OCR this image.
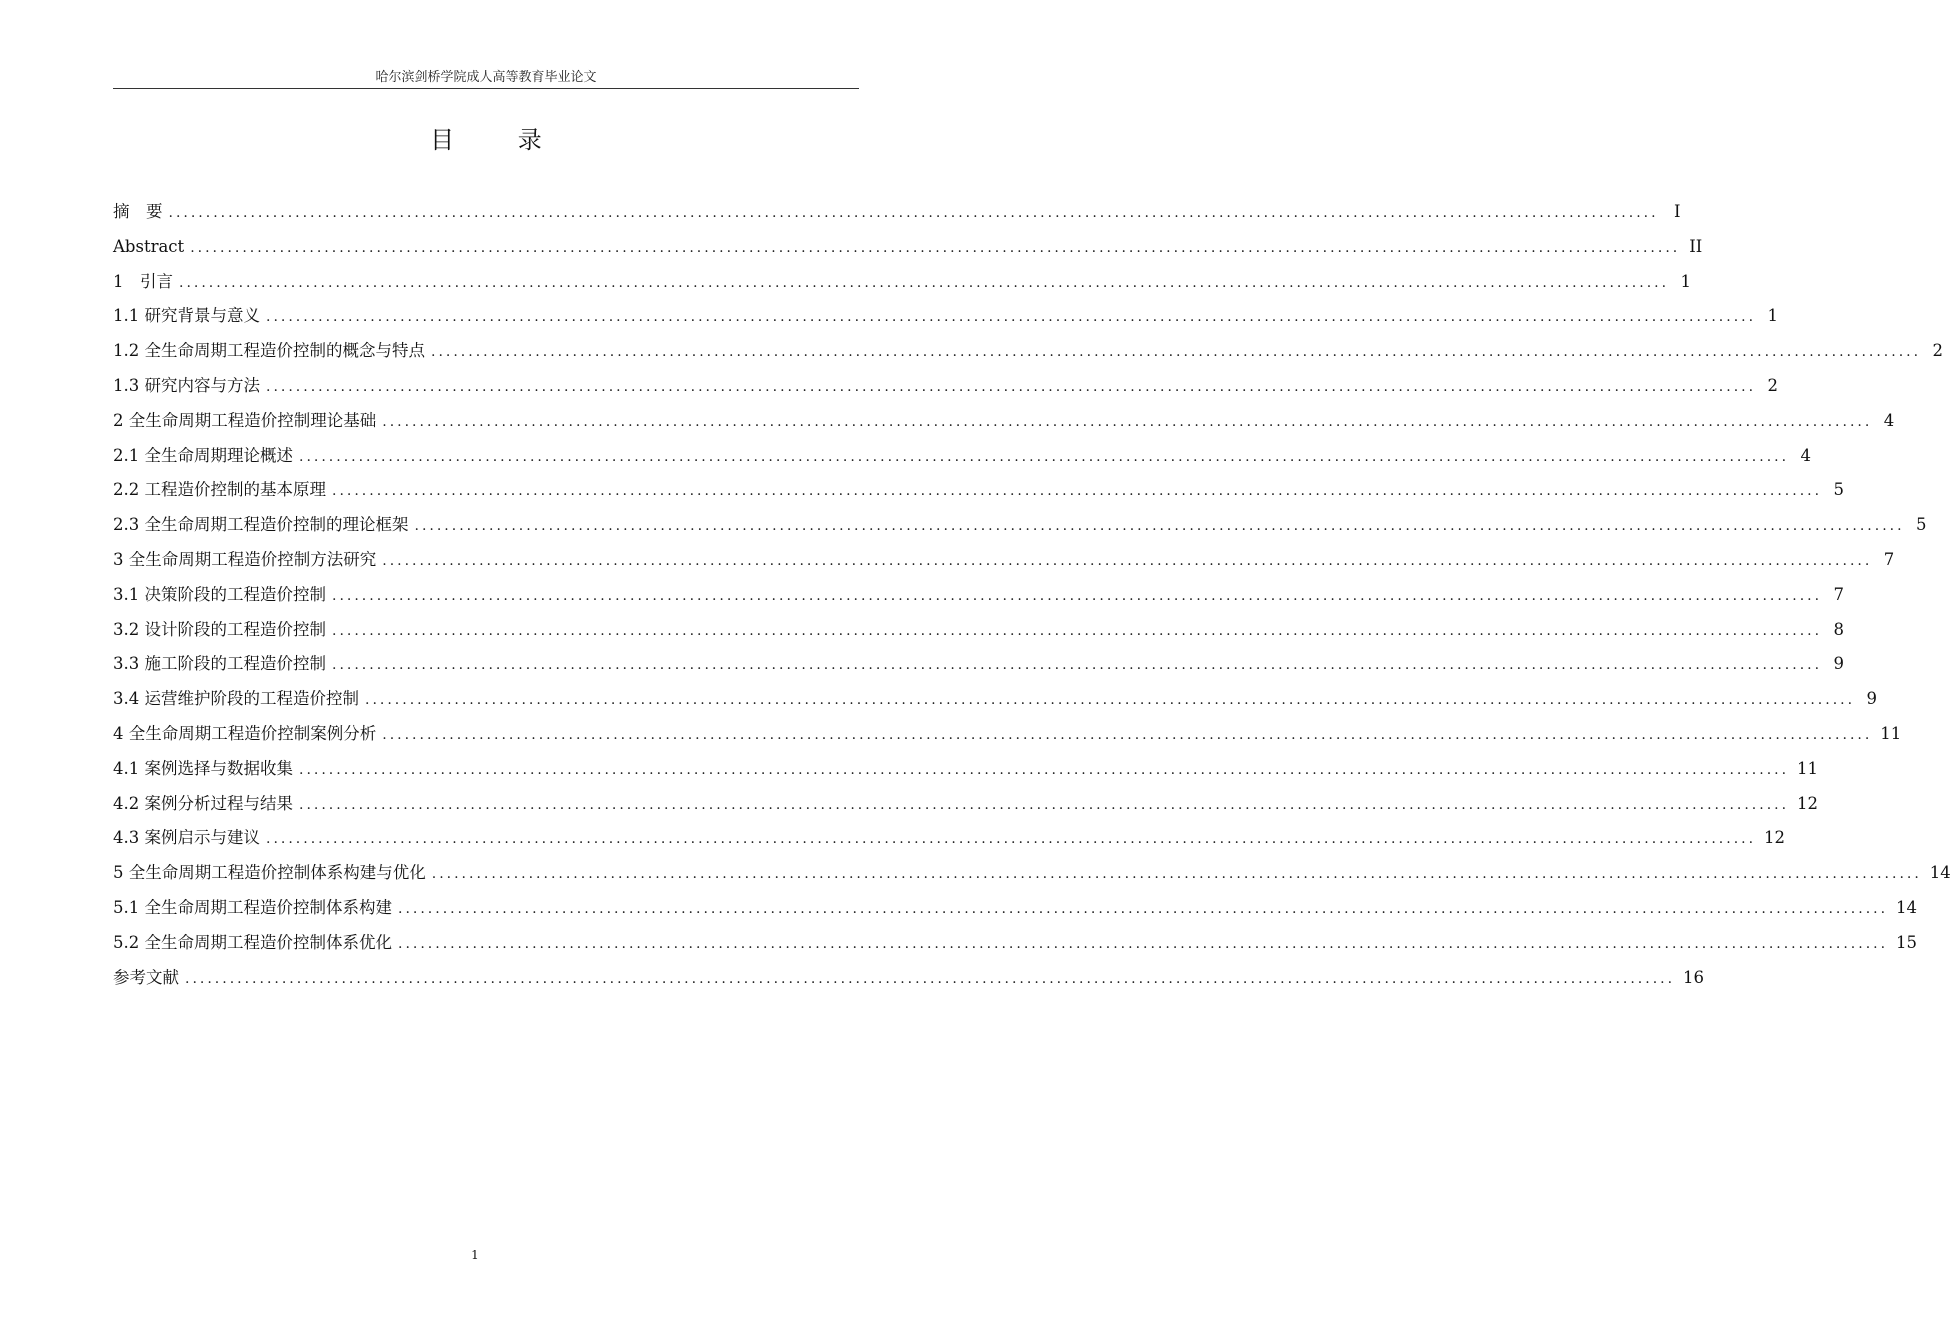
哈尔滨剑桥学院成人高等教育毕业论文
目 录
摘　要 ........................................................................................................................................................................................................ I
Abstract ........................................................................................................................................................................................................ II
1　引言 ........................................................................................................................................................................................................ 1
1.1 研究背景与意义 ........................................................................................................................................................................................................ 1
1.2 全生命周期工程造价控制的概念与特点 ........................................................................................................................................................................................................ 2
1.3 研究内容与方法 ........................................................................................................................................................................................................ 2
2 全生命周期工程造价控制理论基础 ........................................................................................................................................................................................................ 4
2.1 全生命周期理论概述 ........................................................................................................................................................................................................ 4
2.2 工程造价控制的基本原理 ........................................................................................................................................................................................................ 5
2.3 全生命周期工程造价控制的理论框架 ........................................................................................................................................................................................................ 5
3 全生命周期工程造价控制方法研究 ........................................................................................................................................................................................................ 7
3.1 决策阶段的工程造价控制 ........................................................................................................................................................................................................ 7
3.2 设计阶段的工程造价控制 ........................................................................................................................................................................................................ 8
3.3 施工阶段的工程造价控制 ........................................................................................................................................................................................................ 9
3.4 运营维护阶段的工程造价控制 ........................................................................................................................................................................................................ 9
4 全生命周期工程造价控制案例分析 ........................................................................................................................................................................................................ 11
4.1 案例选择与数据收集 ........................................................................................................................................................................................................ 11
4.2 案例分析过程与结果 ........................................................................................................................................................................................................ 12
4.3 案例启示与建议 ........................................................................................................................................................................................................ 12
5 全生命周期工程造价控制体系构建与优化 ........................................................................................................................................................................................................ 14
5.1 全生命周期工程造价控制体系构建 ........................................................................................................................................................................................................ 14
5.2 全生命周期工程造价控制体系优化 ........................................................................................................................................................................................................ 15
参考文献 ........................................................................................................................................................................................................ 16
1
